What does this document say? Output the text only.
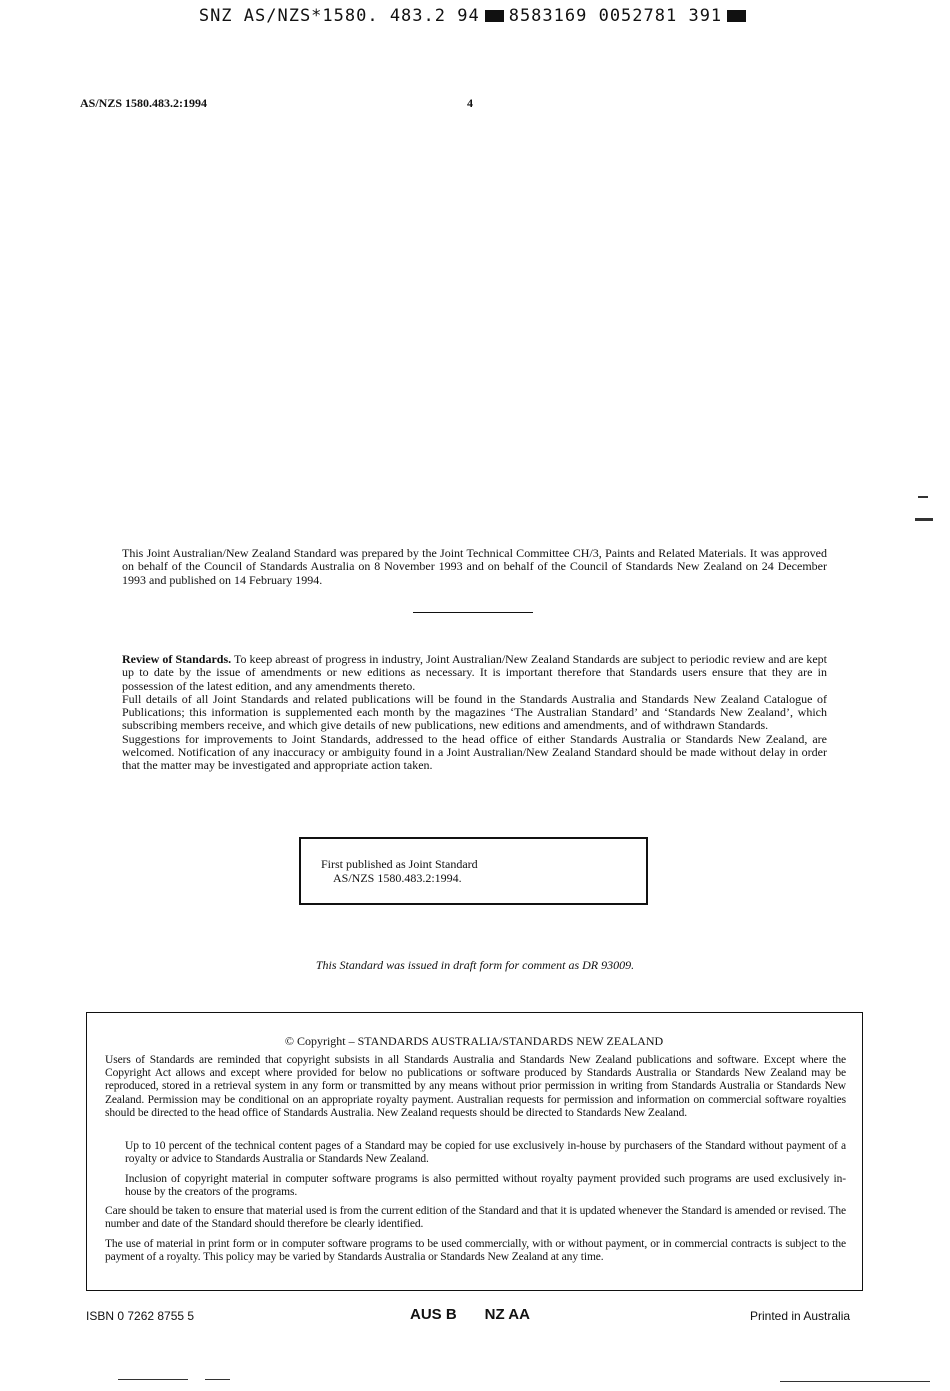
SNZ AS/NZS*1580. 483.2 94 8583169 0052781 391
AS/NZS 1580.483.2:1994	4

This Joint Australian/New Zealand Standard was prepared by the Joint Technical Committee CH/3, Paints and Related Materials. It was approved on behalf of the Council of Standards Australia on 8 November 1993 and on behalf of the Council of Standards New Zealand on 24 December 1993 and published on 14 February 1994.

Review of Standards. To keep abreast of progress in industry, Joint Australian/New Zealand Standards are subject to periodic review and are kept up to date by the issue of amendments or new editions as necessary. It is important therefore that Standards users ensure that they are in possession of the latest edition, and any amendments thereto.

Full details of all Joint Standards and related publications will be found in the Standards Australia and Standards New Zealand Catalogue of Publications; this information is supplemented each month by the magazines ‘The Australian Standard’ and ‘Standards New Zealand’, which subscribing members receive, and which give details of new publications, new editions and amendments, and of withdrawn Standards.

Suggestions for improvements to Joint Standards, addressed to the head office of either Standards Australia or Standards New Zealand, are welcomed. Notification of any inaccuracy or ambiguity found in a Joint Australian/New Zealand Standard should be made without delay in order that the matter may be investigated and appropriate action taken.

First published as Joint Standard
AS/NZS 1580.483.2:1994.
This Standard was issued in draft form for comment as DR 93009.
© Copyright – STANDARDS AUSTRALIA/STANDARDS NEW ZEALAND
Users of Standards are reminded that copyright subsists in all Standards Australia and Standards New Zealand publications and software. Except where the Copyright Act allows and except where provided for below no publications or software produced by Standards Australia or Standards New Zealand may be reproduced, stored in a retrieval system in any form or transmitted by any means without prior permission in writing from Standards Australia or Standards New Zealand. Permission may be conditional on an appropriate royalty payment. Australian requests for permission and information on commercial software royalties should be directed to the head office of Standards Australia. New Zealand requests should be directed to Standards New Zealand.
Up to 10 percent of the technical content pages of a Standard may be copied for use exclusively in-house by purchasers of the Standard without payment of a royalty or advice to Standards Australia or Standards New Zealand.
Inclusion of copyright material in computer software programs is also permitted without royalty payment provided such programs are used exclusively in-house by the creators of the programs.
Care should be taken to ensure that material used is from the current edition of the Standard and that it is updated whenever the Standard is amended or revised. The number and date of the Standard should therefore be clearly identified.
The use of material in print form or in computer software programs to be used commercially, with or without payment, or in commercial contracts is subject to the payment of a royalty. This policy may be varied by Standards Australia or Standards New Zealand at any time.
ISBN 0 7262 8755 5	AUS B NZ AA	Printed in Australia
